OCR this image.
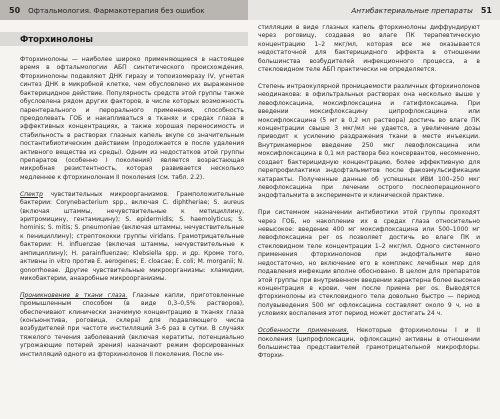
50 Офтальмология. Фармакотерапия без ошибок	Антибактериальные препараты 51
Фторхинолоны

Фторхинолоны — наиболее широко применяющиеся в настоящее время в офтальмологии АБП синтетического происхождения. Фторхинолоны подавляют ДНК гиразу и топоизомеразу IV, угнетая синтез ДНК в микробной клетке, чем обусловлено их выраженное бактерицидное действие. Популярность средств этой группы также обусловлена рядом других факторов, в числе которых возможность парентерального и перорального применения, способность преодолевать ГОБ и накапливаться в тканях и средах глаза в эффективных концентрациях, а также хорошая переносимость и стабильность в растворах глазных капель вкупе со значительным постантибиотическим действием (продолжается в после удаления активного вещества из среды). Одним из недостатков этой группы препаратов (особенно I поколения) является возрастающая микробная резистентность, которая развивается несколько медленнее к фторхинолонам II поколения (см. табл. 2.2).

Спектр чувствительных микроорганизмов. Грамположительные бактерии: Corynebacterium spp., включая C. diphtheriae; S. aureus (включая штаммы, нечувствительные к метициллину, эритромицину, гентамицину); S. epidermidis; S. haemolyticus; S. hominis; S. mitis; S. pneumoniae (включая штаммы, нечувствительные к пенициллину); стрептококки группы viridans. Грамотрицательные бактерии: H. influenzae (включая штаммы, нечувствительные к ампициллину); H. parainfluenzae; Klebsiella spp. и др. Кроме того, активны in vitro против E. aerogenes; E. cloacae; E. coli; M. morganii; N. gonorrhoeae. Другие чувствительные микроорганизмы: хламидии, микобактерии, анаэробные микроорганизмы.

Проникновение в ткани глаза. Глазные капли, приготовленные промышленным способом (в виде 0,3–0,5% растворов), обеспечивают клинически значимую концентрацию в тканях глаза (конъюнктива, роговица, склера) для подавляющего числа возбудителей при частоте инстилляций 3–6 раз в сутки. В случаях тяжелого течения заболеваний (включая кератиты, потенциально угрожающие потерей зрения) назначают режим форсированных инстилляций одного из фторхинолонов II поколения. После ин-

стилляции в виде глазных капель фторхинолоны диффундируют через роговицу, создавая во влаге ПК терапевтическую концентрацию 1–2 мкг/мл, которая все же оказывается недостаточной для бактерицидного эффекта в отношении большинства возбудителей инфекционного процесса, а в стекловидном теле АБП практически не определяется.

Степень интраокулярной проницаемости различных фторхинолонов неодинакова: в офильтральных растворах она несколько выше у левофлоксацина, моксифлоксацина и гатифлоксацина. При введении моксифлоксацину ципрофлоксацина или моксифлоксацина (5 мг в 0,2 мл раствора) достичь во влаге ПК концентрации свыше 3 мкг/мл не удается, а увеличение дозы приводит к усилению раздражения ткани в месте инъекции. Внутрикамерное введение 250 мкг левофлоксацина или моксифлоксацина в 0,1 мл раствора без консервантов, несомненно, создает бактерицидную концентрацию, более эффективную для перепрофилактики эндофтальмитов после факоэмульсификации катаракты. Полученные данные об успешных ИВИ 100–250 мкг левофлоксацина при лечении острого послеоперационного эндофтальмита в эксперименте и клинической практике.

При системном назначении антибиотики этой группы проходят через ГОБ, но накопление их в средах глаза относительно невысокое: введение 400 мг моксифлоксацина или 500–1000 мг левофлоксацина per os позволяет достичь во влаге ПК и стекловидном теле концентрации 1–2 мкг/мл. Одного системного применения фторхинолонов при эндофтальмите явно недостаточно, но включение его в комплекс лечебных мер для подавления инфекции вполне обосновано. В целом для препаратов этой группы при внутривенном введении характерна более высокая концентрация в крови, чем после приема per os. Выводятся фторхинолоны из стекловидного тела довольно быстро — период полувыведения 500 мг офлоксацина составляет около 9 ч, но в условиях воспаления этот период может достигать 24 ч.

Особенности применения. Некоторые фторхинолоны I и II поколения (ципрофлоксацин, офлоксацин) активны в отношении большинства представителей грамотрицательной микрофлоры. Фторхи-
